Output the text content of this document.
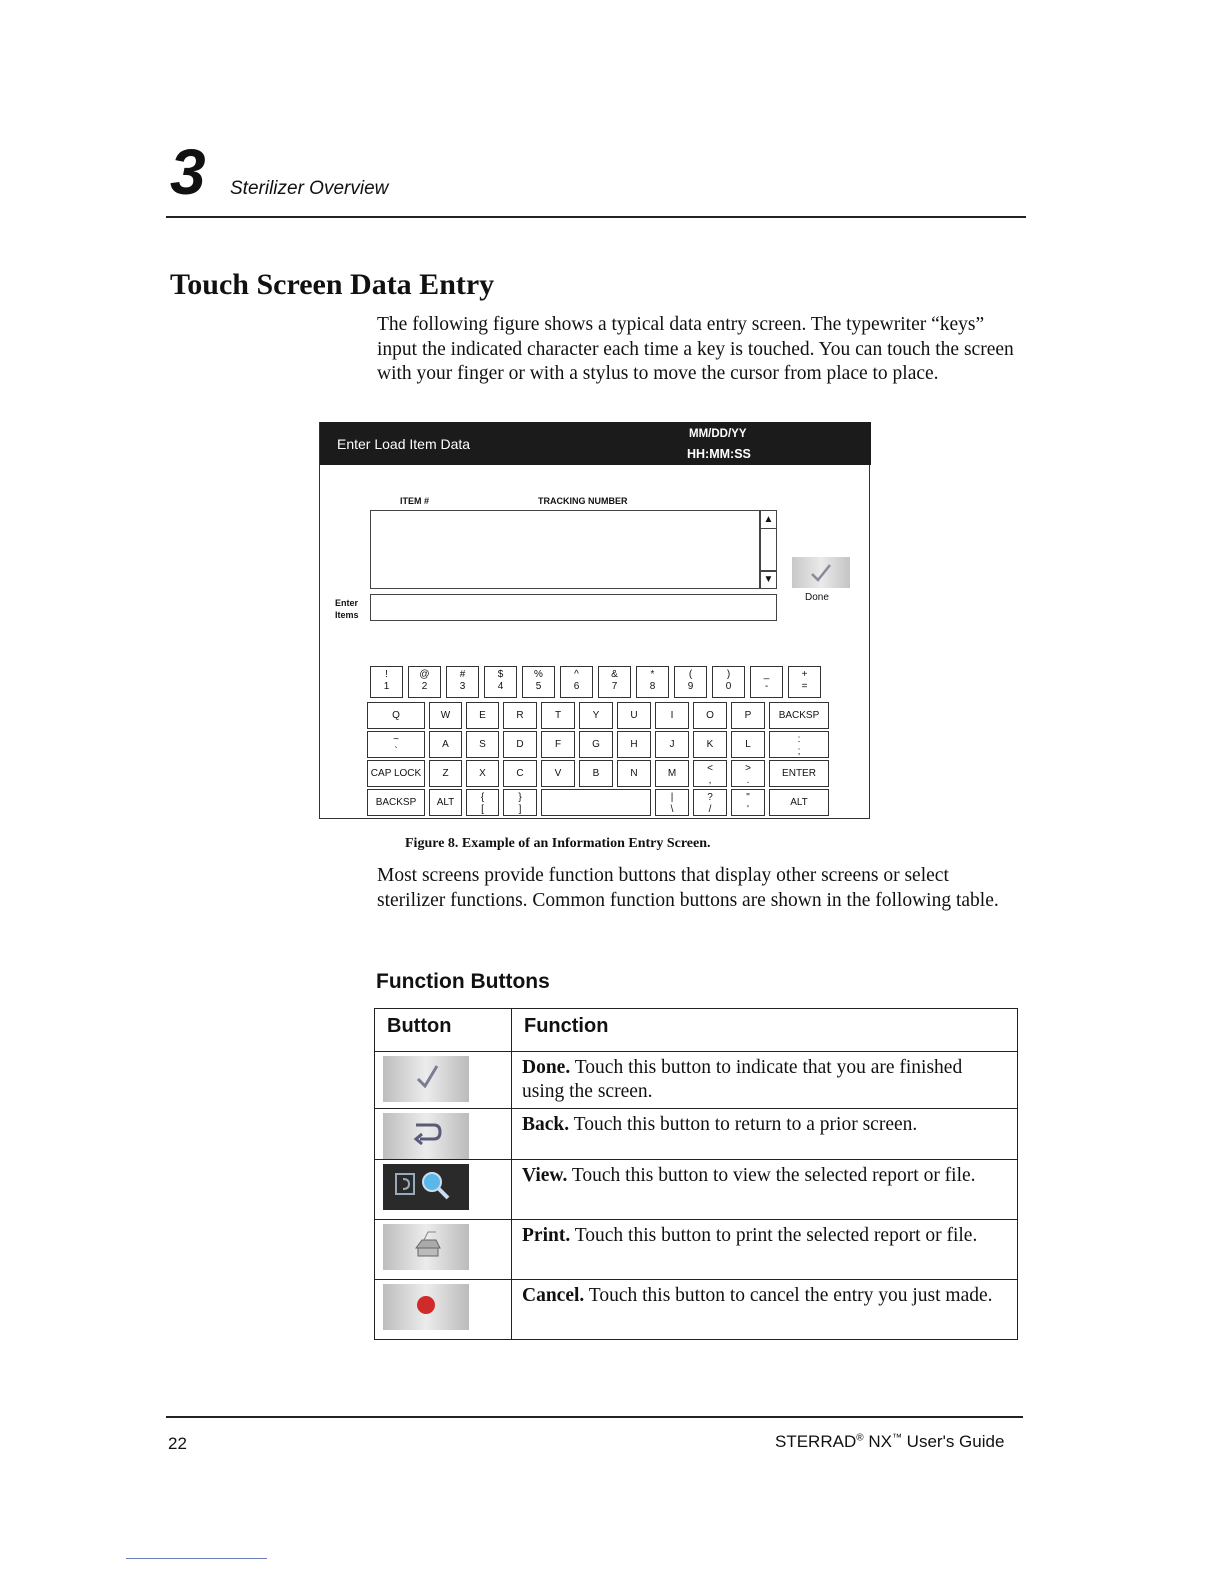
3 Sterilizer Overview
Touch Screen Data Entry
The following figure shows a typical data entry screen. The typewriter “keys” input the indicated character each time a key is touched. You can touch the screen with your finger or with a stylus to move the cursor from place to place.
Enter Load Item Data
MM/DD/YY
HH:MM:SS
ITEM #	TRACKING NUMBER
▲
▼
Done
Enter Items
!
1
@
2
#
3
$
4
%
5
^
6
&
7
*
8
(
9
)
0
_
-
+
=
Q	W	E	R	T	Y	U	I	O	P	BACKSP
~
`
A	S	D	F	G	H	J	K	L	:
;
CAP LOCK	Z	X	C	V	B	N	M	<
,
>
.
ENTER
BACKSP	ALT	{
[
}
]
|
\
?
/
"
'
ALT
Figure 8. Example of an Information Entry Screen.
Most screens provide function buttons that display other screens or select sterilizer functions. Common function buttons are shown in the following table.
Function Buttons
Button	Function

	Done. Touch this button to indicate that you are finished using the screen.

	Back. Touch this button to return to a prior screen.

	View. Touch this button to view the selected report or file.

	Print. Touch this button to print the selected report or file.

	Cancel. Touch this button to cancel the entry you just made.
22	STERRAD® NX™ User's Guide
